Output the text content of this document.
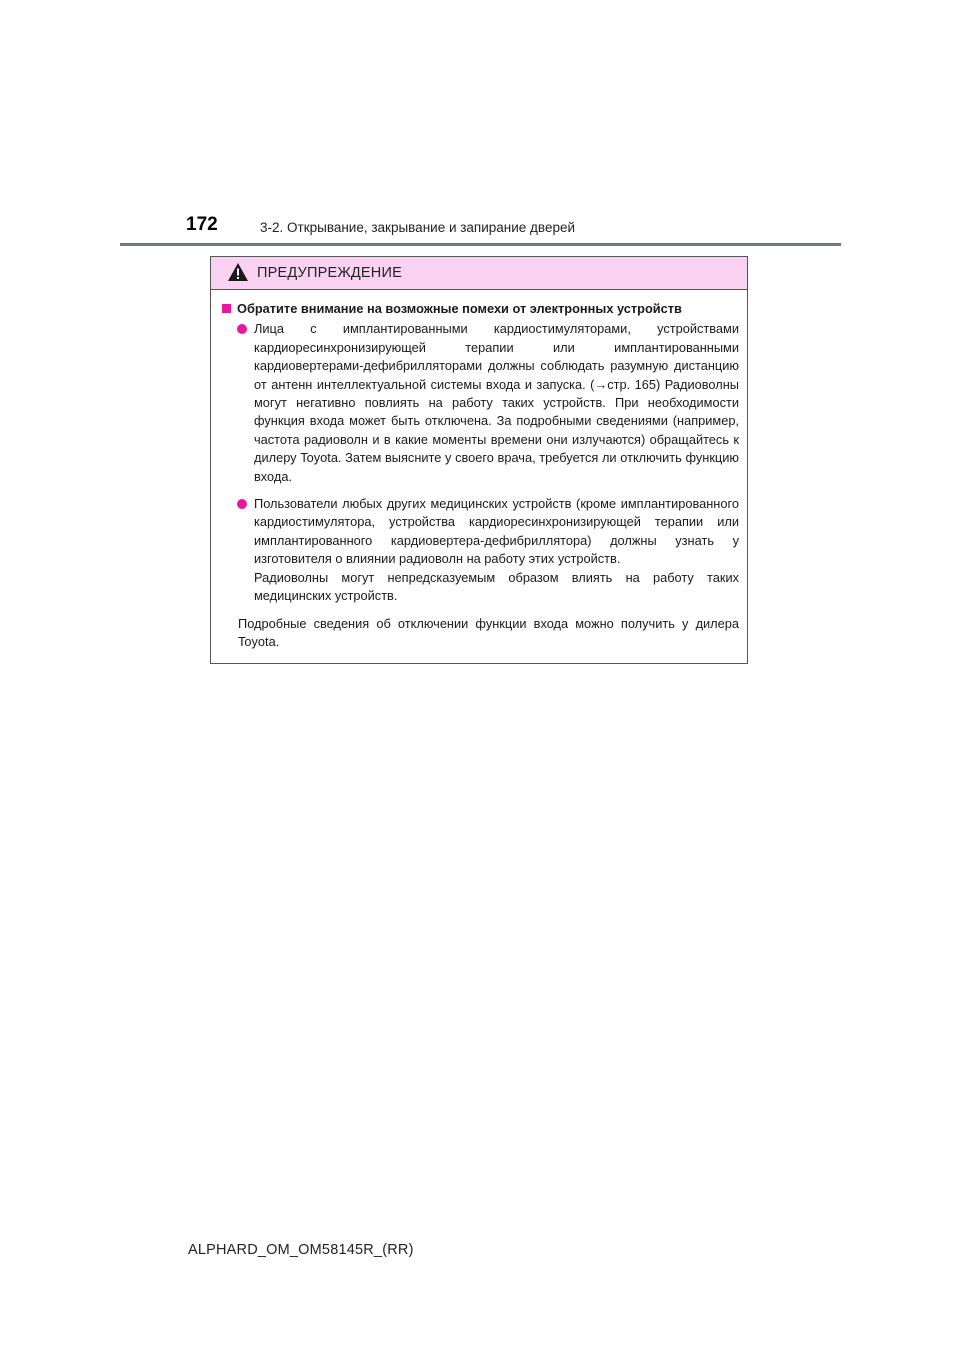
172	3-2. Открывание, закрывание и запирание дверей
ПРЕДУПРЕЖДЕНИЕ
Обратите внимание на возможные помехи от электронных устройств

Лица с имплантированными кардиостимуляторами, устройствами кардиоресинхронизирующей терапии или имплантированными кардиовертерами-дефибрилляторами должны соблюдать разумную дистанцию от антенн интеллектуальной системы входа и запуска. (→стр. 165) Радиоволны могут негативно повлиять на работу таких устройств. При необходимости функция входа может быть отключена. За подробными сведениями (например, частота радиоволн и в какие моменты времени они излучаются) обращайтесь к дилеру Toyota. Затем выясните у своего врача, требуется ли отключить функцию входа.

Пользователи любых других медицинских устройств (кроме имплантированного кардиостимулятора, устройства кардиоресинхронизирующей терапии или имплантированного кардиовертера-дефибриллятора) должны узнать у изготовителя о влиянии радиоволн на работу этих устройств.

Радиоволны могут непредсказуемым образом влиять на работу таких медицинских устройств.

Подробные сведения об отключении функции входа можно получить у дилера Toyota.
ALPHARD_OM_OM58145R_(RR)
